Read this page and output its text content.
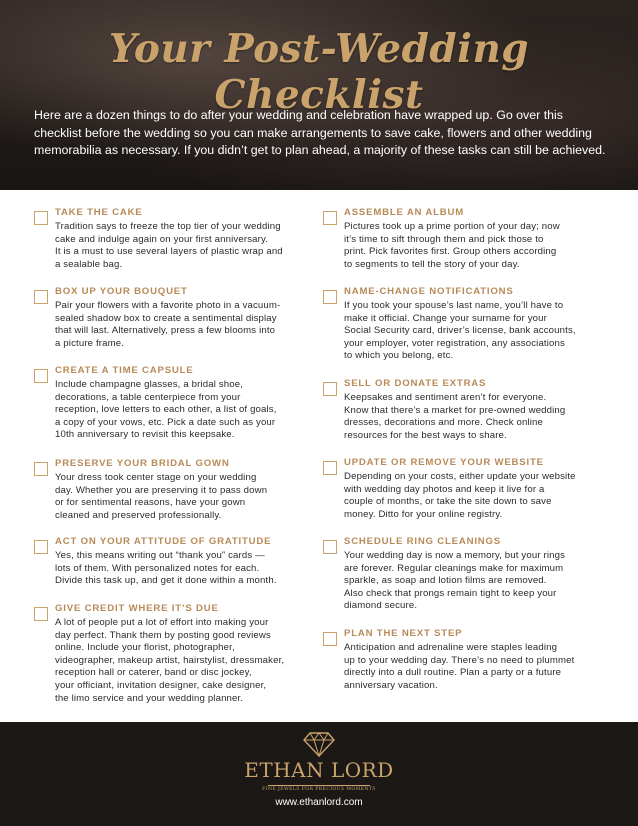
Your Post-Wedding Checklist
Here are a dozen things to do after your wedding and celebration have wrapped up. Go over this checklist before the wedding so you can make arrangements to save cake, flowers and other wedding memorabilia as necessary. If you didn’t get to plan ahead, a majority of these tasks can still be achieved.
TAKE THE CAKE

Tradition says to freeze the top tier of your wedding
cake and indulge again on your first anniversary.
It is a must to use several layers of plastic wrap and
a sealable bag.

BOX UP YOUR BOUQUET

Pair your flowers with a favorite photo in a vacuum-
sealed shadow box to create a sentimental display
that will last. Alternatively, press a few blooms into
a picture frame.

CREATE A TIME CAPSULE

Include champagne glasses, a bridal shoe,
decorations, a table centerpiece from your
reception, love letters to each other, a list of goals,
a copy of your vows, etc. Pick a date such as your
10th anniversary to revisit this keepsake.

PRESERVE YOUR BRIDAL GOWN

Your dress took center stage on your wedding
day. Whether you are preserving it to pass down
or for sentimental reasons, have your gown
cleaned and preserved professionally.

ACT ON YOUR ATTITUDE OF GRATITUDE

Yes, this means writing out “thank you” cards —
lots of them. With personalized notes for each.
Divide this task up, and get it done within a month.

GIVE CREDIT WHERE IT’S DUE

A lot of people put a lot of effort into making your
day perfect. Thank them by posting good reviews
online. Include your florist, photographer,
videographer, makeup artist, hairstylist, dressmaker,
reception hall or caterer, band or disc jockey,
your officiant, invitation designer, cake designer,
the limo service and your wedding planner.

ASSEMBLE AN ALBUM

Pictures took up a prime portion of your day; now
it’s time to sift through them and pick those to
print. Pick favorites first. Group others according
to segments to tell the story of your day.

NAME-CHANGE NOTIFICATIONS

If you took your spouse’s last name, you’ll have to
make it official. Change your surname for your
Social Security card, driver’s license, bank accounts,
your employer, voter registration, any associations
to which you belong, etc.

SELL OR DONATE EXTRAS

Keepsakes and sentiment aren’t for everyone.
Know that there’s a market for pre-owned wedding
dresses, decorations and more. Check online
resources for the best ways to share.

UPDATE OR REMOVE YOUR WEBSITE

Depending on your costs, either update your website
with wedding day photos and keep it live for a
couple of months, or take the site down to save
money. Ditto for your online registry.

SCHEDULE RING CLEANINGS

Your wedding day is now a memory, but your rings
are forever. Regular cleanings make for maximum
sparkle, as soap and lotion films are removed.
Also check that prongs remain tight to keep your
diamond secure.

PLAN THE NEXT STEP

Anticipation and adrenaline were staples leading
up to your wedding day. There’s no need to plummet
directly into a dull routine. Plan a party or a future
anniversary vacation.

ETHAN LORD
FINE JEWELS FOR PRECIOUS MOMENTS
www.ethanlord.com
